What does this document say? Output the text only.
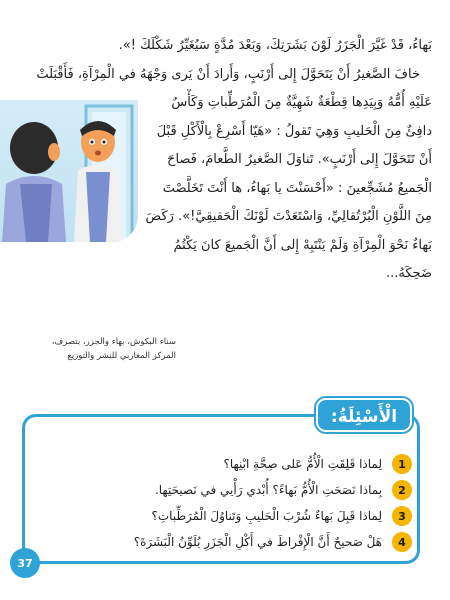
بَهاءُ، قَدْ غَيَّرَ الْجَزَرُ لَوْنَ بَشَرَتِكَ، وَبَعْدَ مُدَّةٍ سَيُغَيِّرُ شَكْلَكَ !».
خافَ الصَّغيرُ أَنْ يَتَحَوَّلَ إِلى أَرْنَبٍ، وَأَرادَ أَنْ يَرى وَجْهَهُ في الْمِرْآةِ، فَأَقْبَلَتْ
عَلَيْهِ أُمُّهُ وَبِيَدِها قِطْعَةٌ شَهِيَّةٌ مِنَ الْمُرَطِّباتِ وَكَأْسٌ
دافِئٌ مِنَ الْحَليبِ وَهِيَ تَقولُ : «هَيّا أَسْرِعْ بِالْأَكْلِ قَبْلَ
أَنْ تَتَحَوَّلَ إِلى أَرْنَبٍ». تَناوَلَ الصَّغيرُ الطَّعامَ، فَصاحَ
الْجَميعُ مُشَجِّعينَ : «أَحْسَنْتَ يا بَهاءُ، ها أَنْتَ تَخَلَّصْتَ
مِنَ اللَّوْنِ الْبُرْتُقالِيِّ، وَاسْتَعَدْتَ لَوْنَكَ الْحَقيقِيَّ!». رَكَضَ
بَهاءٌ نَحْوَ الْمِرْآةِ وَلَمْ يَنْتَبِهْ إِلى أَنَّ الْجَميعَ كانَ يَكْتُمُ
ضَحِكَهُ...
سناء البكوش، بهاء والجزر، بتصرف،
المركز المغاربي للنشر والتوزيع
الْأَسْئِلَةُ:
1
لِماذا قَلِقَتِ الْأُمُّ عَلى صِحَّةِ ابْنِها؟
2
بِماذا نَصَحَتِ الْأُمُّ بَهاءً؟ أُبْدي رَأْيي في نَصيحَتِها.
3
لِماذا قَبِلَ بَهاءٌ شُرْبَ الْحَليبِ وَتَناوُلَ الْمُرَطِّباتِ؟
4
هَلْ صَحيحٌ أَنَّ الْإِفْراطَ في أَكْلِ الْجَزَرِ يُلَوِّنُ الْبَشَرَةَ؟
37
